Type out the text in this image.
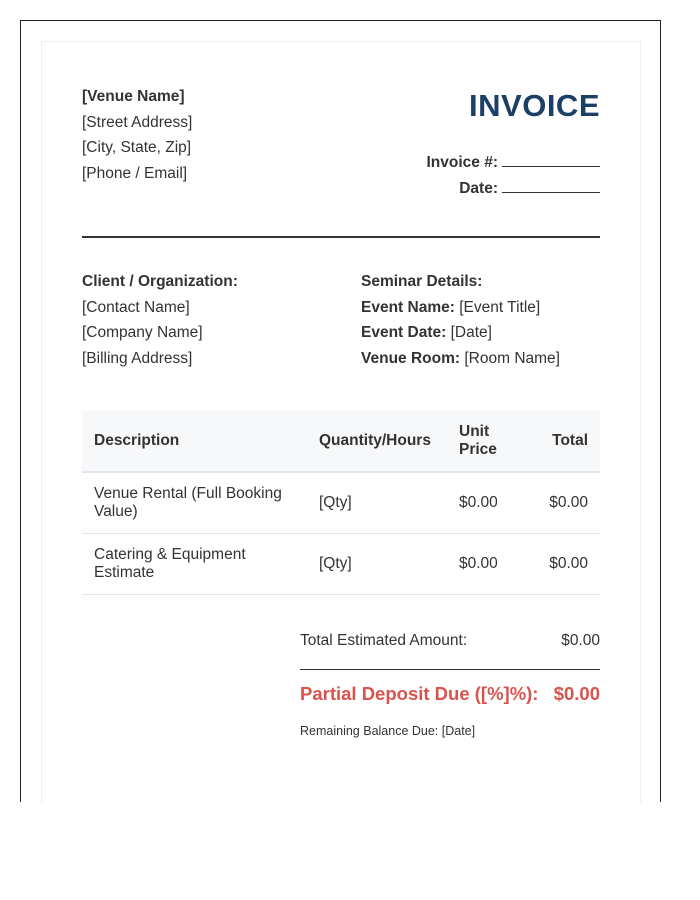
[Venue Name]
[Street Address]
[City, State, Zip]
[Phone / Email]
INVOICE
Invoice #:
Date:
Client / Organization:
[Contact Name]
[Company Name]
[Billing Address]
Seminar Details:
Event Name: [Event Title]
Event Date: [Date]
Venue Room: [Room Name]
Description	Quantity/Hours	Unit Price	Total
Venue Rental (Full Booking Value)	[Qty]	$0.00	$0.00
Catering & Equipment Estimate	[Qty]	$0.00	$0.00
Total Estimated Amount:	$0.00
Partial Deposit Due ([%]%): $0.00
Remaining Balance Due: [Date]
